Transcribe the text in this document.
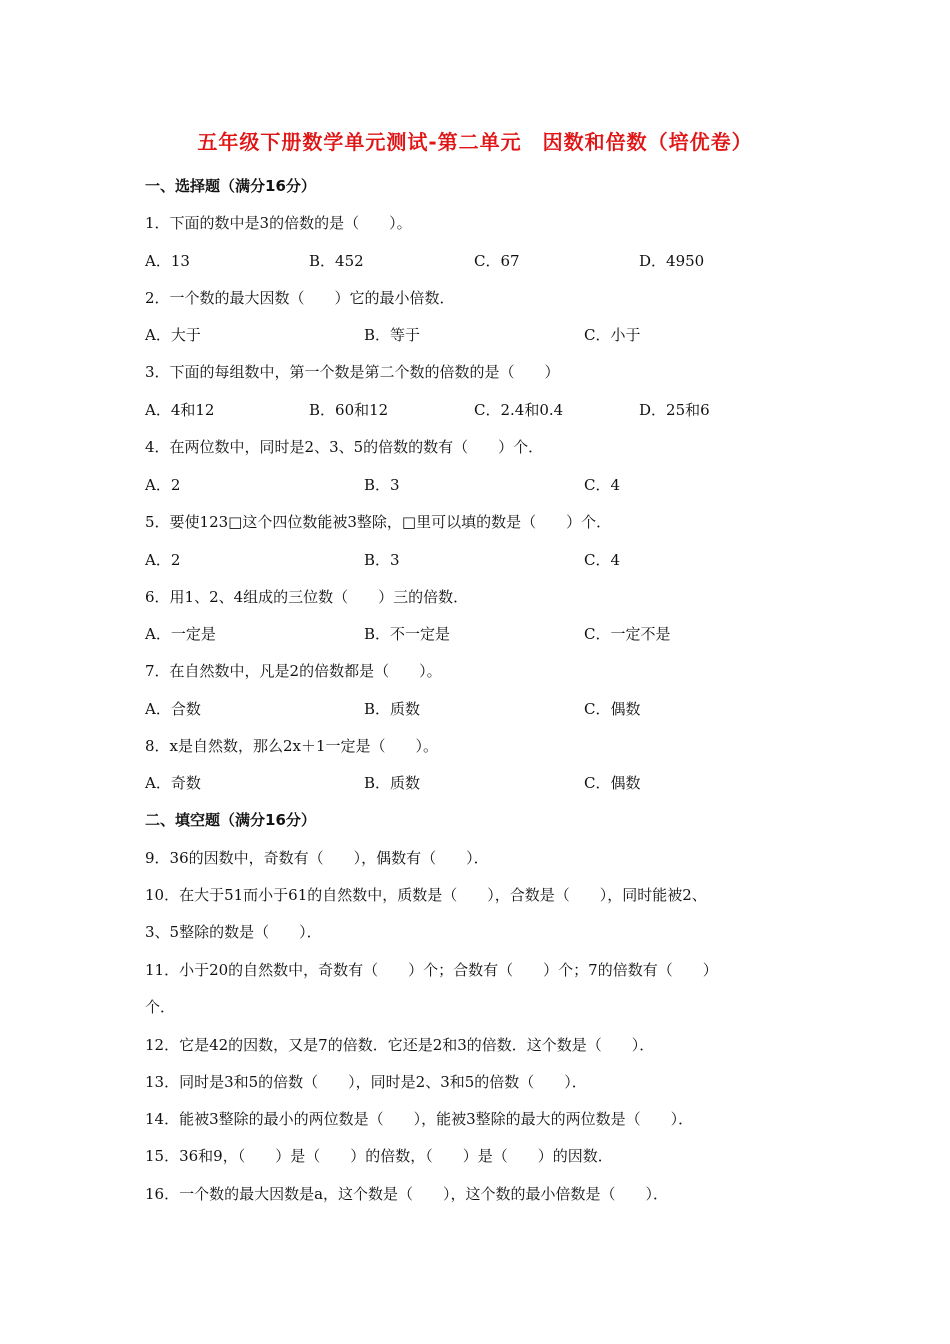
五年级下册数学单元测试-第二单元　因数和倍数（培优卷）
一、选择题（满分16分）
1．下面的数中是3的倍数的是（　　）。
A．13	B．452	C．67	D．4950
2．一个数的最大因数（　　）它的最小倍数．
A．大于	B．等于	C．小于
3．下面的每组数中，第一个数是第二个数的倍数的是（　　）
A．4和12	B．60和12	C．2.4和0.4	D．25和6
4．在两位数中，同时是2、3、5的倍数的数有（　　）个．
A．2	B．3	C．4
5．要使123□这个四位数能被3整除，□里可以填的数是（　　）个．
A．2	B．3	C．4
6．用1、2、4组成的三位数（　　）三的倍数．
A．一定是	B．不一定是	C．一定不是
7．在自然数中，凡是2的倍数都是（　　）。
A．合数	B．质数	C．偶数
8．x是自然数，那么2x＋1一定是（　　）。
A．奇数	B．质数	C．偶数
二、填空题（满分16分）
9．36的因数中，奇数有（　　），偶数有（　　）．
10．在大于51而小于61的自然数中，质数是（　　），合数是（　　），同时能被2、
3、5整除的数是（　　）．
11．小于20的自然数中，奇数有（　　）个；合数有（　　）个；7的倍数有（　　）
个．
12．它是42的因数，又是7的倍数．它还是2和3的倍数．这个数是（　　）．
13．同时是3和5的倍数（　　），同时是2、3和5的倍数（　　）．
14．能被3整除的最小的两位数是（　　），能被3整除的最大的两位数是（　　）．
15．36和9，（　　）是（　　）的倍数，（　　）是（　　）的因数．
16．一个数的最大因数是a，这个数是（　　），这个数的最小倍数是（　　）．
